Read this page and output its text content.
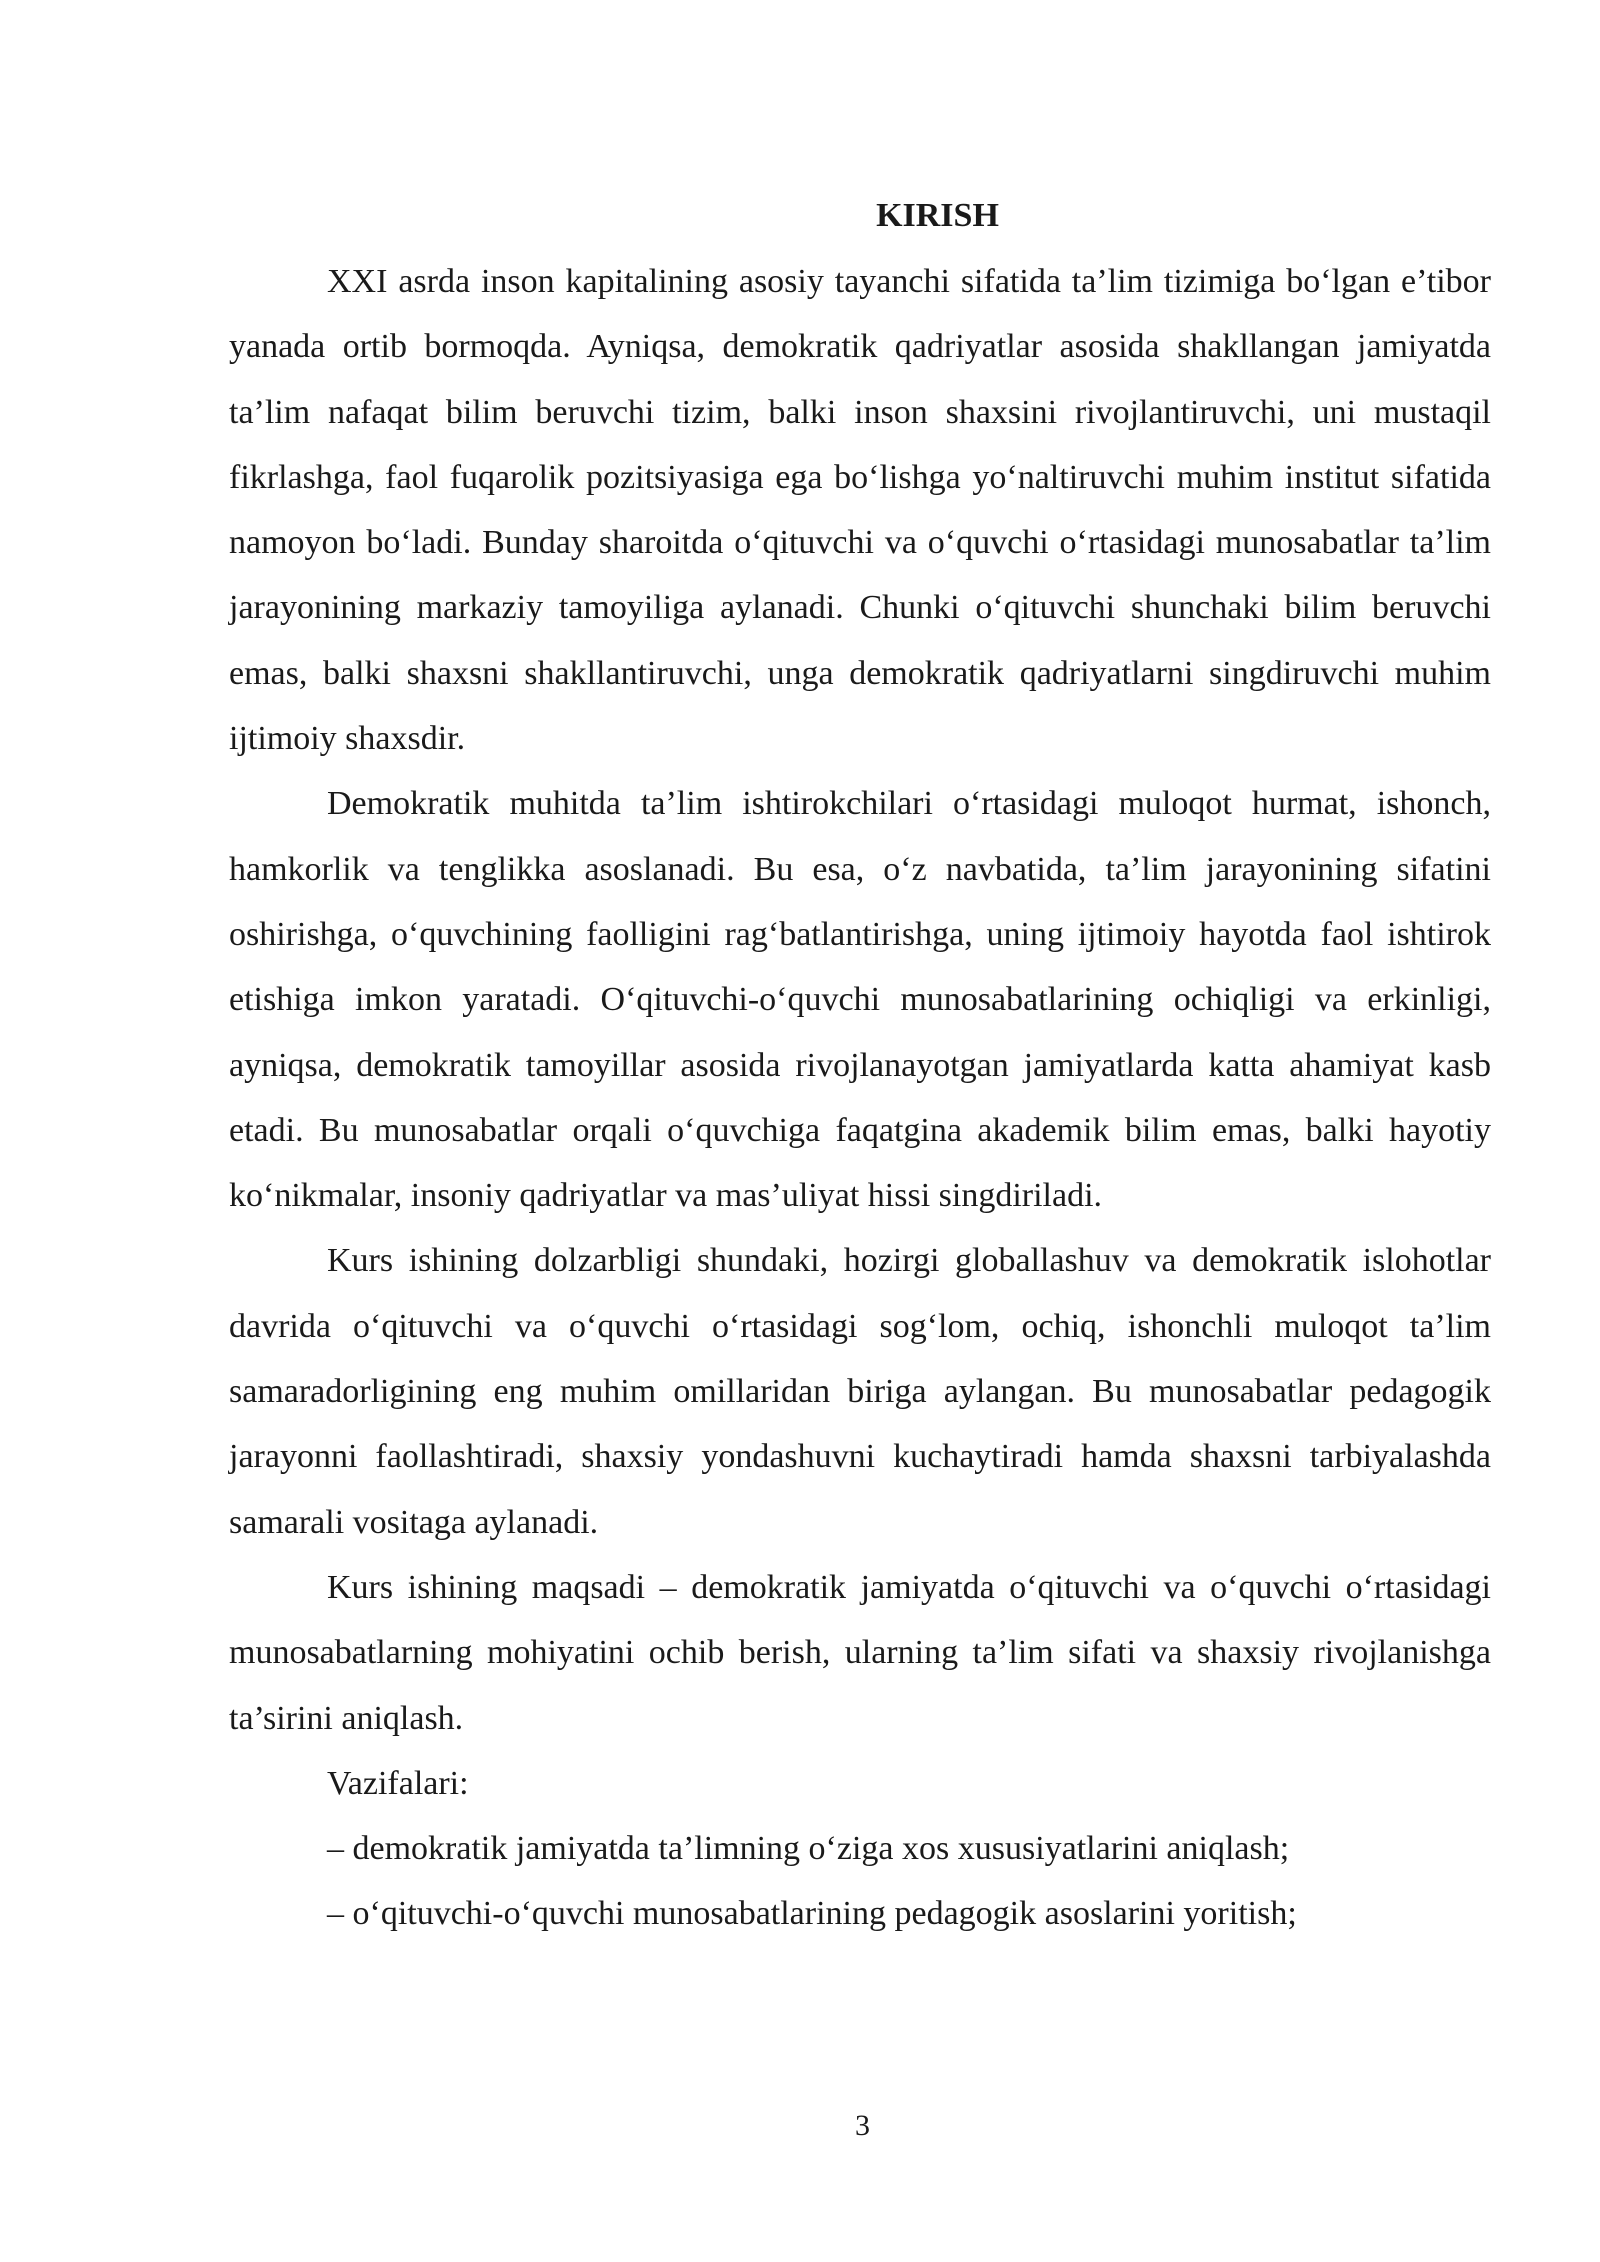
KIRISH

XXI asrda inson kapitalining asosiy tayanchi sifatida ta’lim tizimiga bo‘lgan e’tibor yanada ortib bormoqda. Ayniqsa, demokratik qadriyatlar asosida shakllangan jamiyatda ta’lim nafaqat bilim beruvchi tizim, balki inson shaxsini rivojlantiruvchi, uni mustaqil fikrlashga, faol fuqarolik pozitsiyasiga ega bo‘lishga yo‘naltiruvchi muhim institut sifatida namoyon bo‘ladi. Bunday sharoitda o‘qituvchi va o‘quvchi o‘rtasidagi munosabatlar ta’lim jarayonining markaziy tamoyiliga aylanadi. Chunki o‘qituvchi shunchaki bilim beruvchi emas, balki shaxsni shakllantiruvchi, unga demokratik qadriyatlarni singdiruvchi muhim ijtimoiy shaxsdir.

Demokratik muhitda ta’lim ishtirokchilari o‘rtasidagi muloqot hurmat, ishonch, hamkorlik va tenglikka asoslanadi. Bu esa, o‘z navbatida, ta’lim jarayonining sifatini oshirishga, o‘quvchining faolligini rag‘batlantirishga, uning ijtimoiy hayotda faol ishtirok etishiga imkon yaratadi. O‘qituvchi-o‘quvchi munosabatlarining ochiqligi va erkinligi, ayniqsa, demokratik tamoyillar asosida rivojlanayotgan jamiyatlarda katta ahamiyat kasb etadi. Bu munosabatlar orqali o‘quvchiga faqatgina akademik bilim emas, balki hayotiy ko‘nikmalar, insoniy qadriyatlar va mas’uliyat hissi singdiriladi.

Kurs ishining dolzarbligi shundaki, hozirgi globallashuv va demokratik islohotlar davrida o‘qituvchi va o‘quvchi o‘rtasidagi sog‘lom, ochiq, ishonchli muloqot ta’lim samaradorligining eng muhim omillaridan biriga aylangan. Bu munosabatlar pedagogik jarayonni faollashtiradi, shaxsiy yondashuvni kuchaytiradi hamda shaxsni tarbiyalashda samarali vositaga aylanadi.

Kurs ishining maqsadi – demokratik jamiyatda o‘qituvchi va o‘quvchi o‘rtasidagi munosabatlarning mohiyatini ochib berish, ularning ta’lim sifati va shaxsiy rivojlanishga ta’sirini aniqlash.

Vazifalari:

– demokratik jamiyatda ta’limning o‘ziga xos xususiyatlarini aniqlash;
– o‘qituvchi-o‘quvchi munosabatlarining pedagogik asoslarini yoritish;
3
